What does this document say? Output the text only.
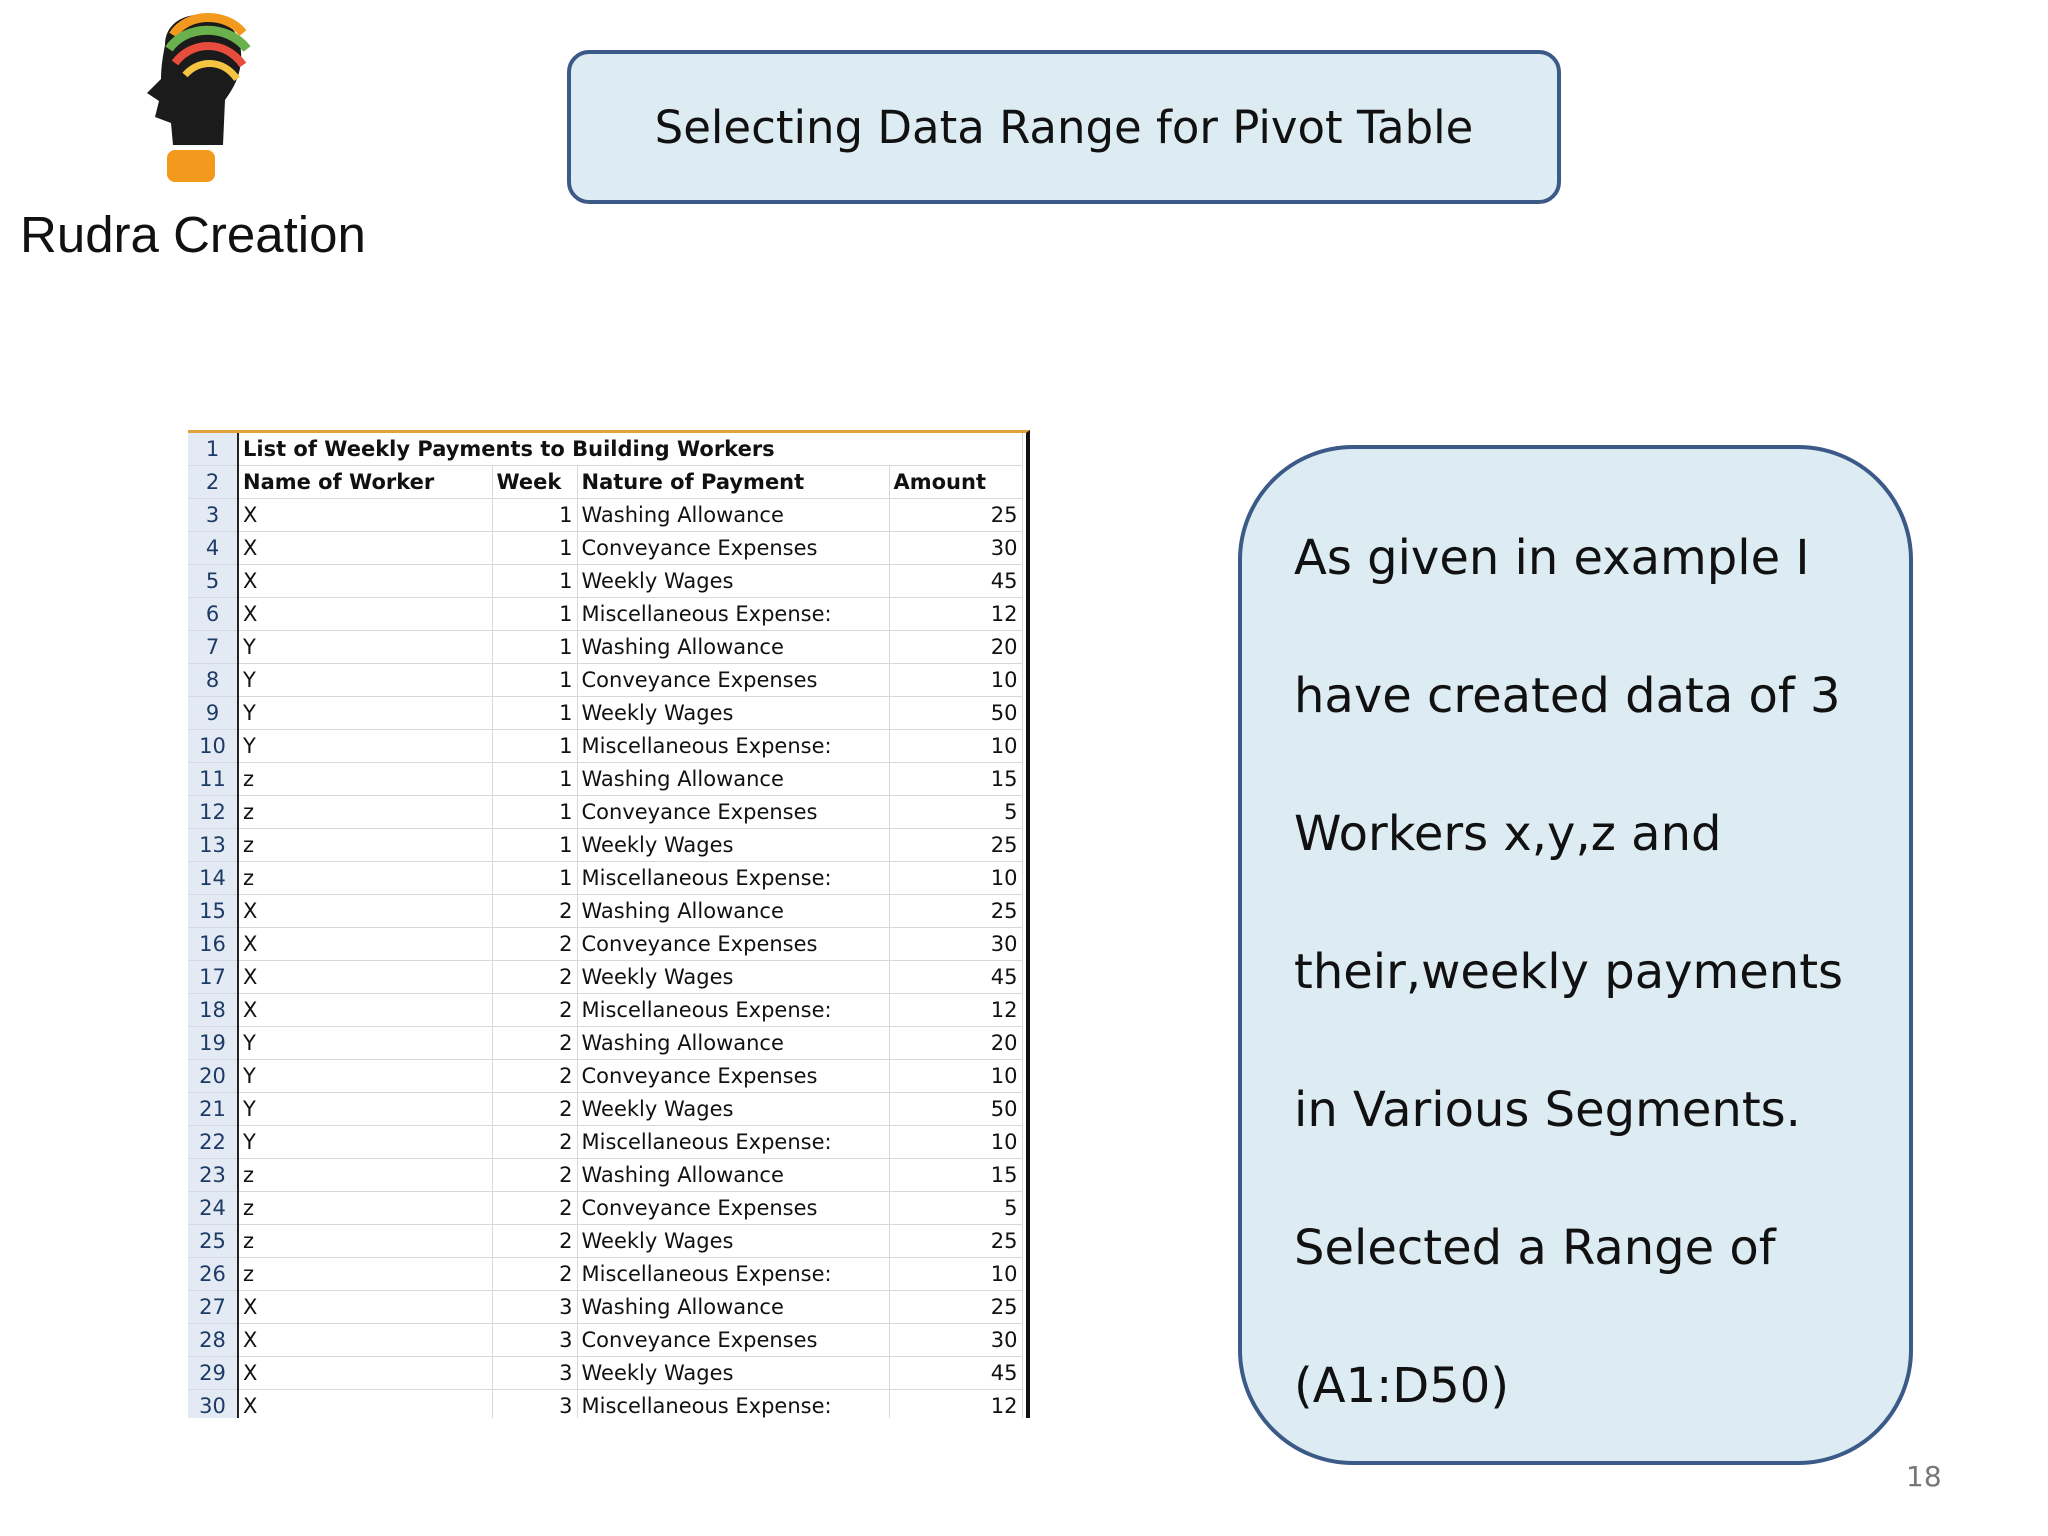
Rudra Creation
Selecting Data Range for Pivot Table
1	List of Weekly Payments to Building Workers			
2	Name of Worker	Week	Nature of Payment	Amount
3	X	1	Washing Allowance	25
4	X	1	Conveyance Expenses	30
5	X	1	Weekly Wages	45
6	X	1	Miscellaneous Expense:	12
7	Y	1	Washing Allowance	20
8	Y	1	Conveyance Expenses	10
9	Y	1	Weekly Wages	50
10	Y	1	Miscellaneous Expense:	10
11	z	1	Washing Allowance	15
12	z	1	Conveyance Expenses	5
13	z	1	Weekly Wages	25
14	z	1	Miscellaneous Expense:	10
15	X	2	Washing Allowance	25
16	X	2	Conveyance Expenses	30
17	X	2	Weekly Wages	45
18	X	2	Miscellaneous Expense:	12
19	Y	2	Washing Allowance	20
20	Y	2	Conveyance Expenses	10
21	Y	2	Weekly Wages	50
22	Y	2	Miscellaneous Expense:	10
23	z	2	Washing Allowance	15
24	z	2	Conveyance Expenses	5
25	z	2	Weekly Wages	25
26	z	2	Miscellaneous Expense:	10
27	X	3	Washing Allowance	25
28	X	3	Conveyance Expenses	30
29	X	3	Weekly Wages	45
30	X	3	Miscellaneous Expense:	12
As given in example I
have created data of 3
Workers x,y,z and
their,weekly payments
in Various Segments.
Selected a Range of
(A1:D50)
18
